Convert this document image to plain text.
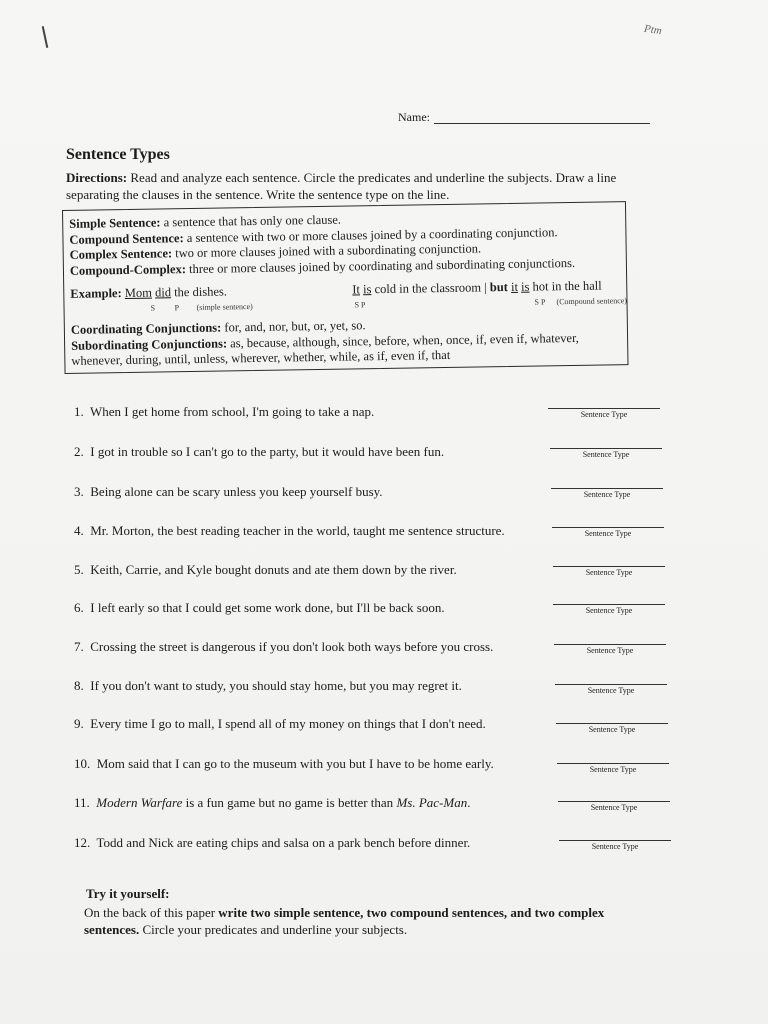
Ptm
Name:
Sentence Types
Directions: Read and analyze each sentence. Circle the predicates and underline the subjects. Draw a line separating the clauses in the sentence. Write the sentence type on the line.
Simple Sentence: a sentence that has only one clause.
Compound Sentence: a sentence with two or more clauses joined by a coordinating conjunction.
Complex Sentence: two or more clauses joined with a subordinating conjunction.
Compound-Complex: three or more clauses joined by coordinating and subordinating conjunctions.
Example: Mom did the dishes.
S P (simple sentence)
It is cold in the classroom | but it is hot in the hall
S P	S P (Compound sentence)
Coordinating Conjunctions: for, and, nor, but, or, yet, so.
Subordinating Conjunctions: as, because, although, since, before, when, once, if, even if, whatever, whenever, during, until, unless, wherever, whether, while, as if, even if, that
1. When I get home from school, I'm going to take a nap.
2. I got in trouble so I can't go to the party, but it would have been fun.
3. Being alone can be scary unless you keep yourself busy.
4. Mr. Morton, the best reading teacher in the world, taught me sentence structure.
5. Keith, Carrie, and Kyle bought donuts and ate them down by the river.
6. I left early so that I could get some work done, but I'll be back soon.
7. Crossing the street is dangerous if you don't look both ways before you cross.
8. If you don't want to study, you should stay home, but you may regret it.
9. Every time I go to mall, I spend all of my money on things that I don't need.
10. Mom said that I can go to the museum with you but I have to be home early.
11. Modern Warfare is a fun game but no game is better than Ms. Pac-Man.
12. Todd and Nick are eating chips and salsa on a park bench before dinner.
Sentence Type
Sentence Type
Sentence Type
Sentence Type
Sentence Type
Sentence Type
Sentence Type
Sentence Type
Sentence Type
Sentence Type
Sentence Type
Sentence Type
Try it yourself:
On the back of this paper write two simple sentence, two compound sentences, and two complex sentences. Circle your predicates and underline your subjects.
